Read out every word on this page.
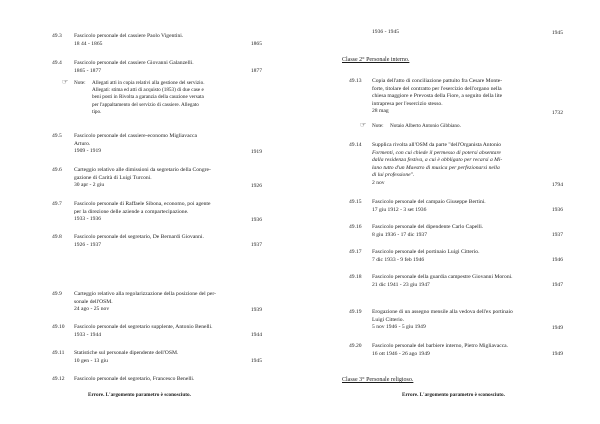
49.3 Fascicolo personale del cassiere Paolo Vigentini.
18 44 - 1865	1865
49.4 Fascicolo personale del cassiere Giovanni Galanzelli.
1865 - 1877	1877
☞ Note: Allegati atti in copia relativi alla gestione del servizio.
Allegati: stima ed atti di acquisto (1853) di due case e
beni posti in Rivolta a garanzia della cauzione versata
per l'appaltamento del servizio di cassiere. Allegato
tipo.
49.5 Fascicolo personale del cassiere-economo Migliavacca
Arturo.
1909 - 1919	1919
49.6 Carteggio relativo alle dimissioni da segretario della Congre-
gazione di Carità di Luigi Turconi.
30 apr - 2 giu	1926
49.7 Fascicolo personale di Raffaele Sibona, economo, poi agente
per la direzione delle aziende a compartecipazione.
1933 - 1936	1936
49.8 Fascicolo personale del segretario, De Bernardi Giovanni.
1926 - 1937	1937
49.9 Carteggio relativo alla regolarizzazione della posizione del per-
sonale dell'OSM.
24 ago - 25 nov	1939
49.10 Fascicolo personale del segretario supplente, Antonio Benelli.
1933 - 1944	1944
49.11 Statistiche sul personale dipendente dell'OSM.
10 gen - 13 giu	1945
49.12 Fascicolo personale del segretario, Francesco Benelli.
Errore. L'argomento parametro è sconosciuto.
1936 - 1945	1945
Classe 2° Personale interno.
49.13 Copia dell'atto di conciliazione pattuito fra Cesare Monte-
forte, titolare del contratto per l'esercizio dell'organo nella
chiesa maggiore e Prevosta della Fiore, a seguito della lite
intrapresa per l'esercizio stesso.
28 mag	1732
☞ Note: Notaio Alberto Antonio Gibbiano.
49.14 Supplica rivolta all'OSM da parte "dell'Organista Antonio
Formenti, con cui chiede il permesso di potersi absentare
dalla residenza festiva, a cui è obbligato per recarsi a Mi-
lano tutto d'un Maestro di musica per perfezionarsi nella
di lui professione".
2 nov	1794
49.15 Fascicolo personale del campaio Giuseppe Bertini.
17 giu 1912 - 3 set 1936	1936
49.16 Fascicolo personale del dipendente Carlo Capelli.
8 giu 1936 - 17 dic 1937	1937
49.17 Fascicolo personale del portinaio Luigi Citterio.
7 dic 1933 - 9 feb 1946	1946
49.18 Fascicolo personale della guardia campestre Giovanni Moroni.
21 dic 1941 - 23 giu 1947	1947
49.19 Erogazione di un assegno mensile alla vedova dell'ex portinaio
Luigi Citterio.
5 nov 1946 - 5 giu 1949	1949
49.20 Fascicolo personale del barbiere interno, Pietro Migliavacca.
16 ott 1946 - 26 ago 1949	1949
Classe 3° Personale religioso.
Errore. L'argomento parametro è sconosciuto.
